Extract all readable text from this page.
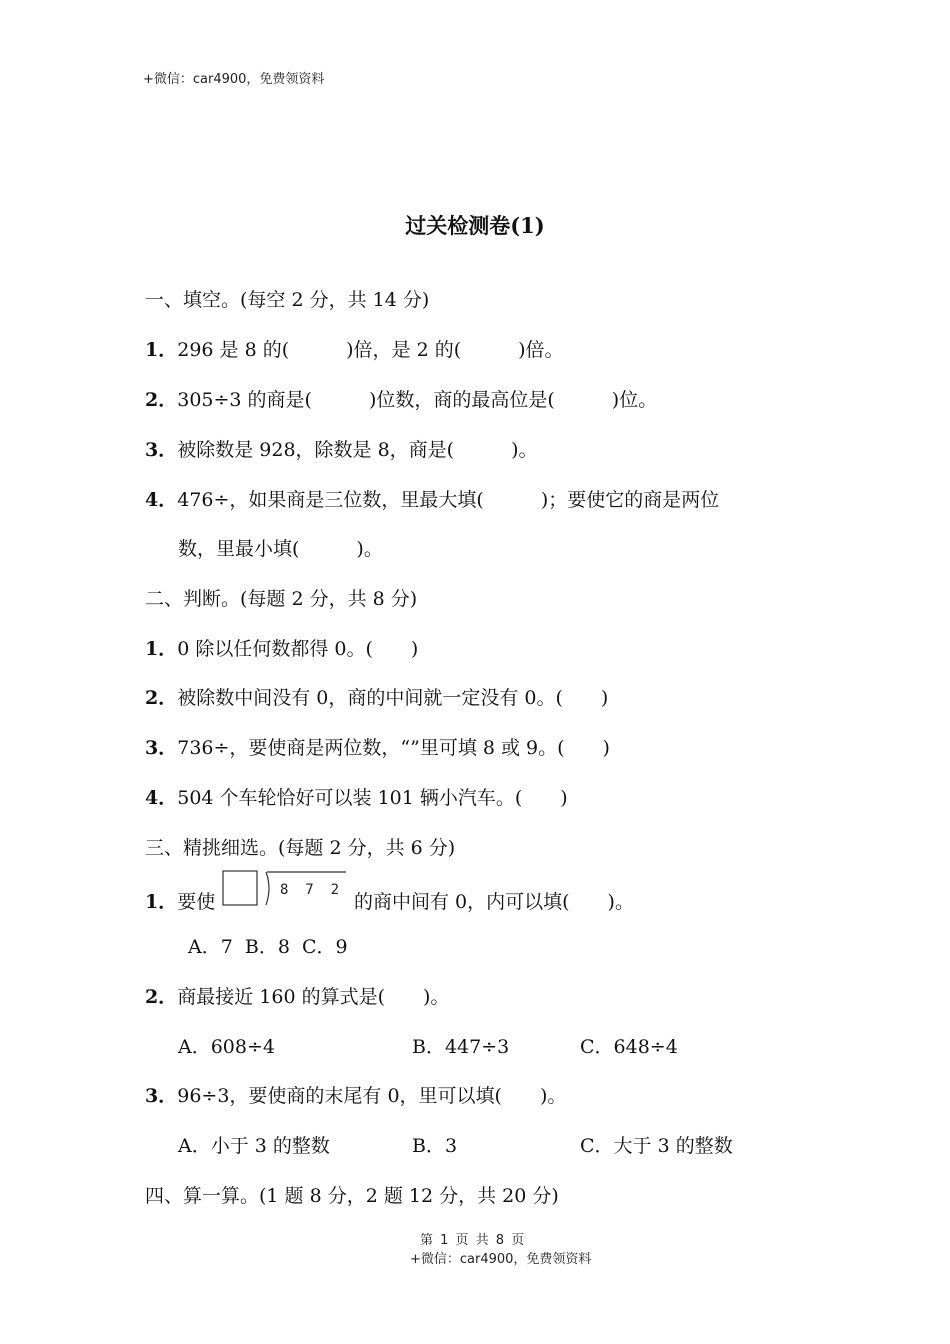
+微信：car4900，免费领资料
过关检测卷(1)
一、填空。(每空 2 分，共 14 分)
1．296 是 8 的(　　　)倍，是 2 的(　　　)倍。
2．305÷3 的商是(　　　)位数，商的最高位是(　　　)位。
3．被除数是 928，除数是 8，商是(　　　)。
4．476÷，如果商是三位数，里最大填(　　　)；要使它的商是两位
数，里最小填(　　　)。
二、判断。(每题 2 分，共 8 分)
1．0 除以任何数都得 0。(　　)
2．被除数中间没有 0，商的中间就一定没有 0。(　　)
3．736÷，要使商是两位数，“”里可填 8 或 9。(　　)
4．504 个车轮恰好可以装 101 辆小汽车。(　　)
三、精挑细选。(每题 2 分，共 6 分)
1．要使
8  7  2
的商中间有 0，内可以填(　　)。
A．7  B．8  C．9
2．商最接近 160 的算式是(　　)。
A．608÷4	B．447÷3	C．648÷4
3．96÷3，要使商的末尾有 0，里可以填(　　)。
A．小于 3 的整数	B．3	C．大于 3 的整数
四、算一算。(1 题 8 分，2 题 12 分，共 20 分)
第 1 页 共 8 页
+微信：car4900，免费领资料
